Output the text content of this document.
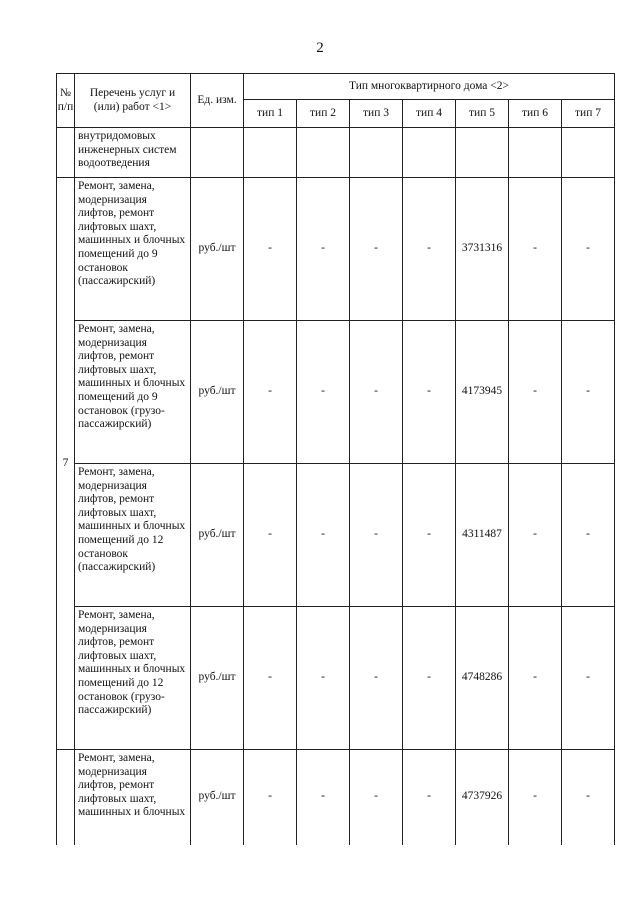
2
№ п/п	Перечень услуг и (или) работ <1>	Ед. изм.	Тип многоквартирного дома <2>						
			тип 1	тип 2	тип 3	тип 4	тип 5	тип 6	тип 7
	внутридомовых инженерных систем водоотведения								
7	Ремонт, замена, модернизация лифтов, ремонт лифтовых шахт, машинных и блочных помещений до 9 остановок (пассажирский)	руб./шт	-	-	-	-	3731316	-	-
	Ремонт, замена, модернизация лифтов, ремонт лифтовых шахт, машинных и блочных помещений до 9 остановок (грузо-пассажирский)	руб./шт	-	-	-	-	4173945	-	-
	Ремонт, замена, модернизация лифтов, ремонт лифтовых шахт, машинных и блочных помещений до 12 остановок (пассажирский)	руб./шт	-	-	-	-	4311487	-	-
	Ремонт, замена, модернизация лифтов, ремонт лифтовых шахт, машинных и блочных помещений до 12 остановок (грузо-пассажирский)	руб./шт	-	-	-	-	4748286	-	-
	Ремонт, замена, модернизация лифтов, ремонт лифтовых шахт, машинных и блочных	руб./шт	-	-	-	-	4737926	-	-
